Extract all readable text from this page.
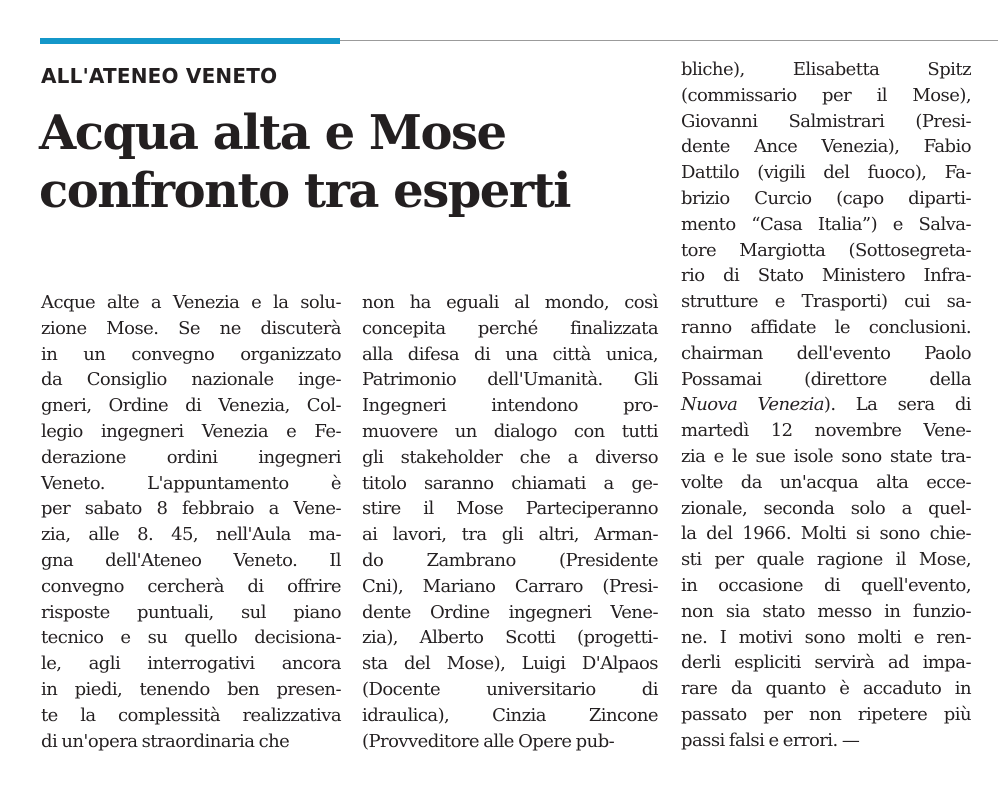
ALL'ATENEO VENETO
Acqua alta e Mose
confronto tra esperti
Acque alte a Venezia e la solu-
zione Mose. Se ne discuterà
in un convegno organizzato
da Consiglio nazionale inge-
gneri, Ordine di Venezia, Col-
legio ingegneri Venezia e Fe-
derazione ordini ingegneri
Veneto. L'appuntamento è
per sabato 8 febbraio a Vene-
zia, alle 8. 45, nell'Aula ma-
gna dell'Ateneo Veneto. Il
convegno cercherà di offrire
risposte puntuali, sul piano
tecnico e su quello decisiona-
le, agli interrogativi ancora
in piedi, tenendo ben presen-
te la complessità realizzativa
di un'opera straordinaria che
non ha eguali al mondo, così
concepita perché finalizzata
alla difesa di una città unica,
Patrimonio dell'Umanità. Gli
Ingegneri intendono pro-
muovere un dialogo con tutti
gli stakeholder che a diverso
titolo saranno chiamati a ge-
stire il Mose Parteciperanno
ai lavori, tra gli altri, Arman-
do Zambrano (Presidente
Cni), Mariano Carraro (Presi-
dente Ordine ingegneri Vene-
zia), Alberto Scotti (progetti-
sta del Mose), Luigi D'Alpaos
(Docente universitario di
idraulica), Cinzia Zincone
(Provveditore alle Opere pub-
bliche), Elisabetta Spitz
(commissario per il Mose),
Giovanni Salmistrari (Presi-
dente Ance Venezia), Fabio
Dattilo (vigili del fuoco), Fa-
brizio Curcio (capo diparti-
mento “Casa Italia”) e Salva-
tore Margiotta (Sottosegreta-
rio di Stato Ministero Infra-
strutture e Trasporti) cui sa-
ranno affidate le conclusioni.
chairman dell'evento Paolo
Possamai (direttore della
Nuova Venezia). La sera di
martedì 12 novembre Vene-
zia e le sue isole sono state tra-
volte da un'acqua alta ecce-
zionale, seconda solo a quel-
la del 1966. Molti si sono chie-
sti per quale ragione il Mose,
in occasione di quell'evento,
non sia stato messo in funzio-
ne. I motivi sono molti e ren-
derli espliciti servirà ad impa-
rare da quanto è accaduto in
passato per non ripetere più
passi falsi e errori. —
